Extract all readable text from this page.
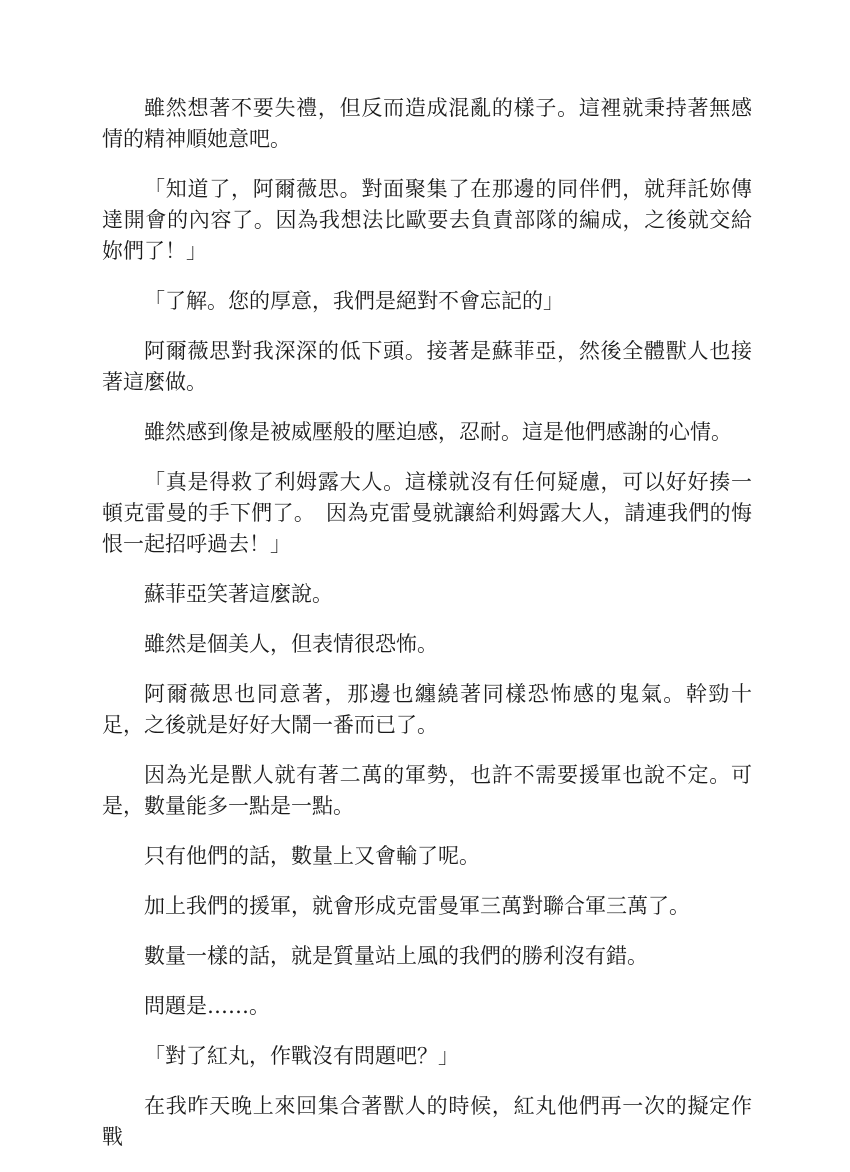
雖然想著不要失禮，但反而造成混亂的樣子。這裡就秉持著無感情的精神順她意吧。

「知道了，阿爾薇思。對面聚集了在那邊的同伴們，就拜託妳傳達開會的內容了。因為我想法比歐要去負責部隊的編成，之後就交給妳們了！」

「了解。您的厚意，我們是絕對不會忘記的」

阿爾薇思對我深深的低下頭。接著是蘇菲亞，然後全體獸人也接著這麼做。

雖然感到像是被威壓般的壓迫感，忍耐。這是他們感謝的心情。

「真是得救了利姆露大人。這樣就沒有任何疑慮，可以好好揍一頓克雷曼的手下們了。　因為克雷曼就讓給利姆露大人，請連我們的悔恨一起招呼過去！」

蘇菲亞笑著這麼說。

雖然是個美人，但表情很恐怖。

阿爾薇思也同意著，那邊也纏繞著同樣恐怖感的鬼氣。幹勁十足，之後就是好好大鬧一番而已了。

因為光是獸人就有著二萬的軍勢，也許不需要援軍也說不定。可是，數量能多一點是一點。

只有他們的話，數量上又會輸了呢。

加上我們的援軍，就會形成克雷曼軍三萬對聯合軍三萬了。

數量一樣的話，就是質量站上風的我們的勝利沒有錯。

問題是……。

「對了紅丸，作戰沒有問題吧？」

在我昨天晚上來回集合著獸人的時候，紅丸他們再一次的擬定作戰
